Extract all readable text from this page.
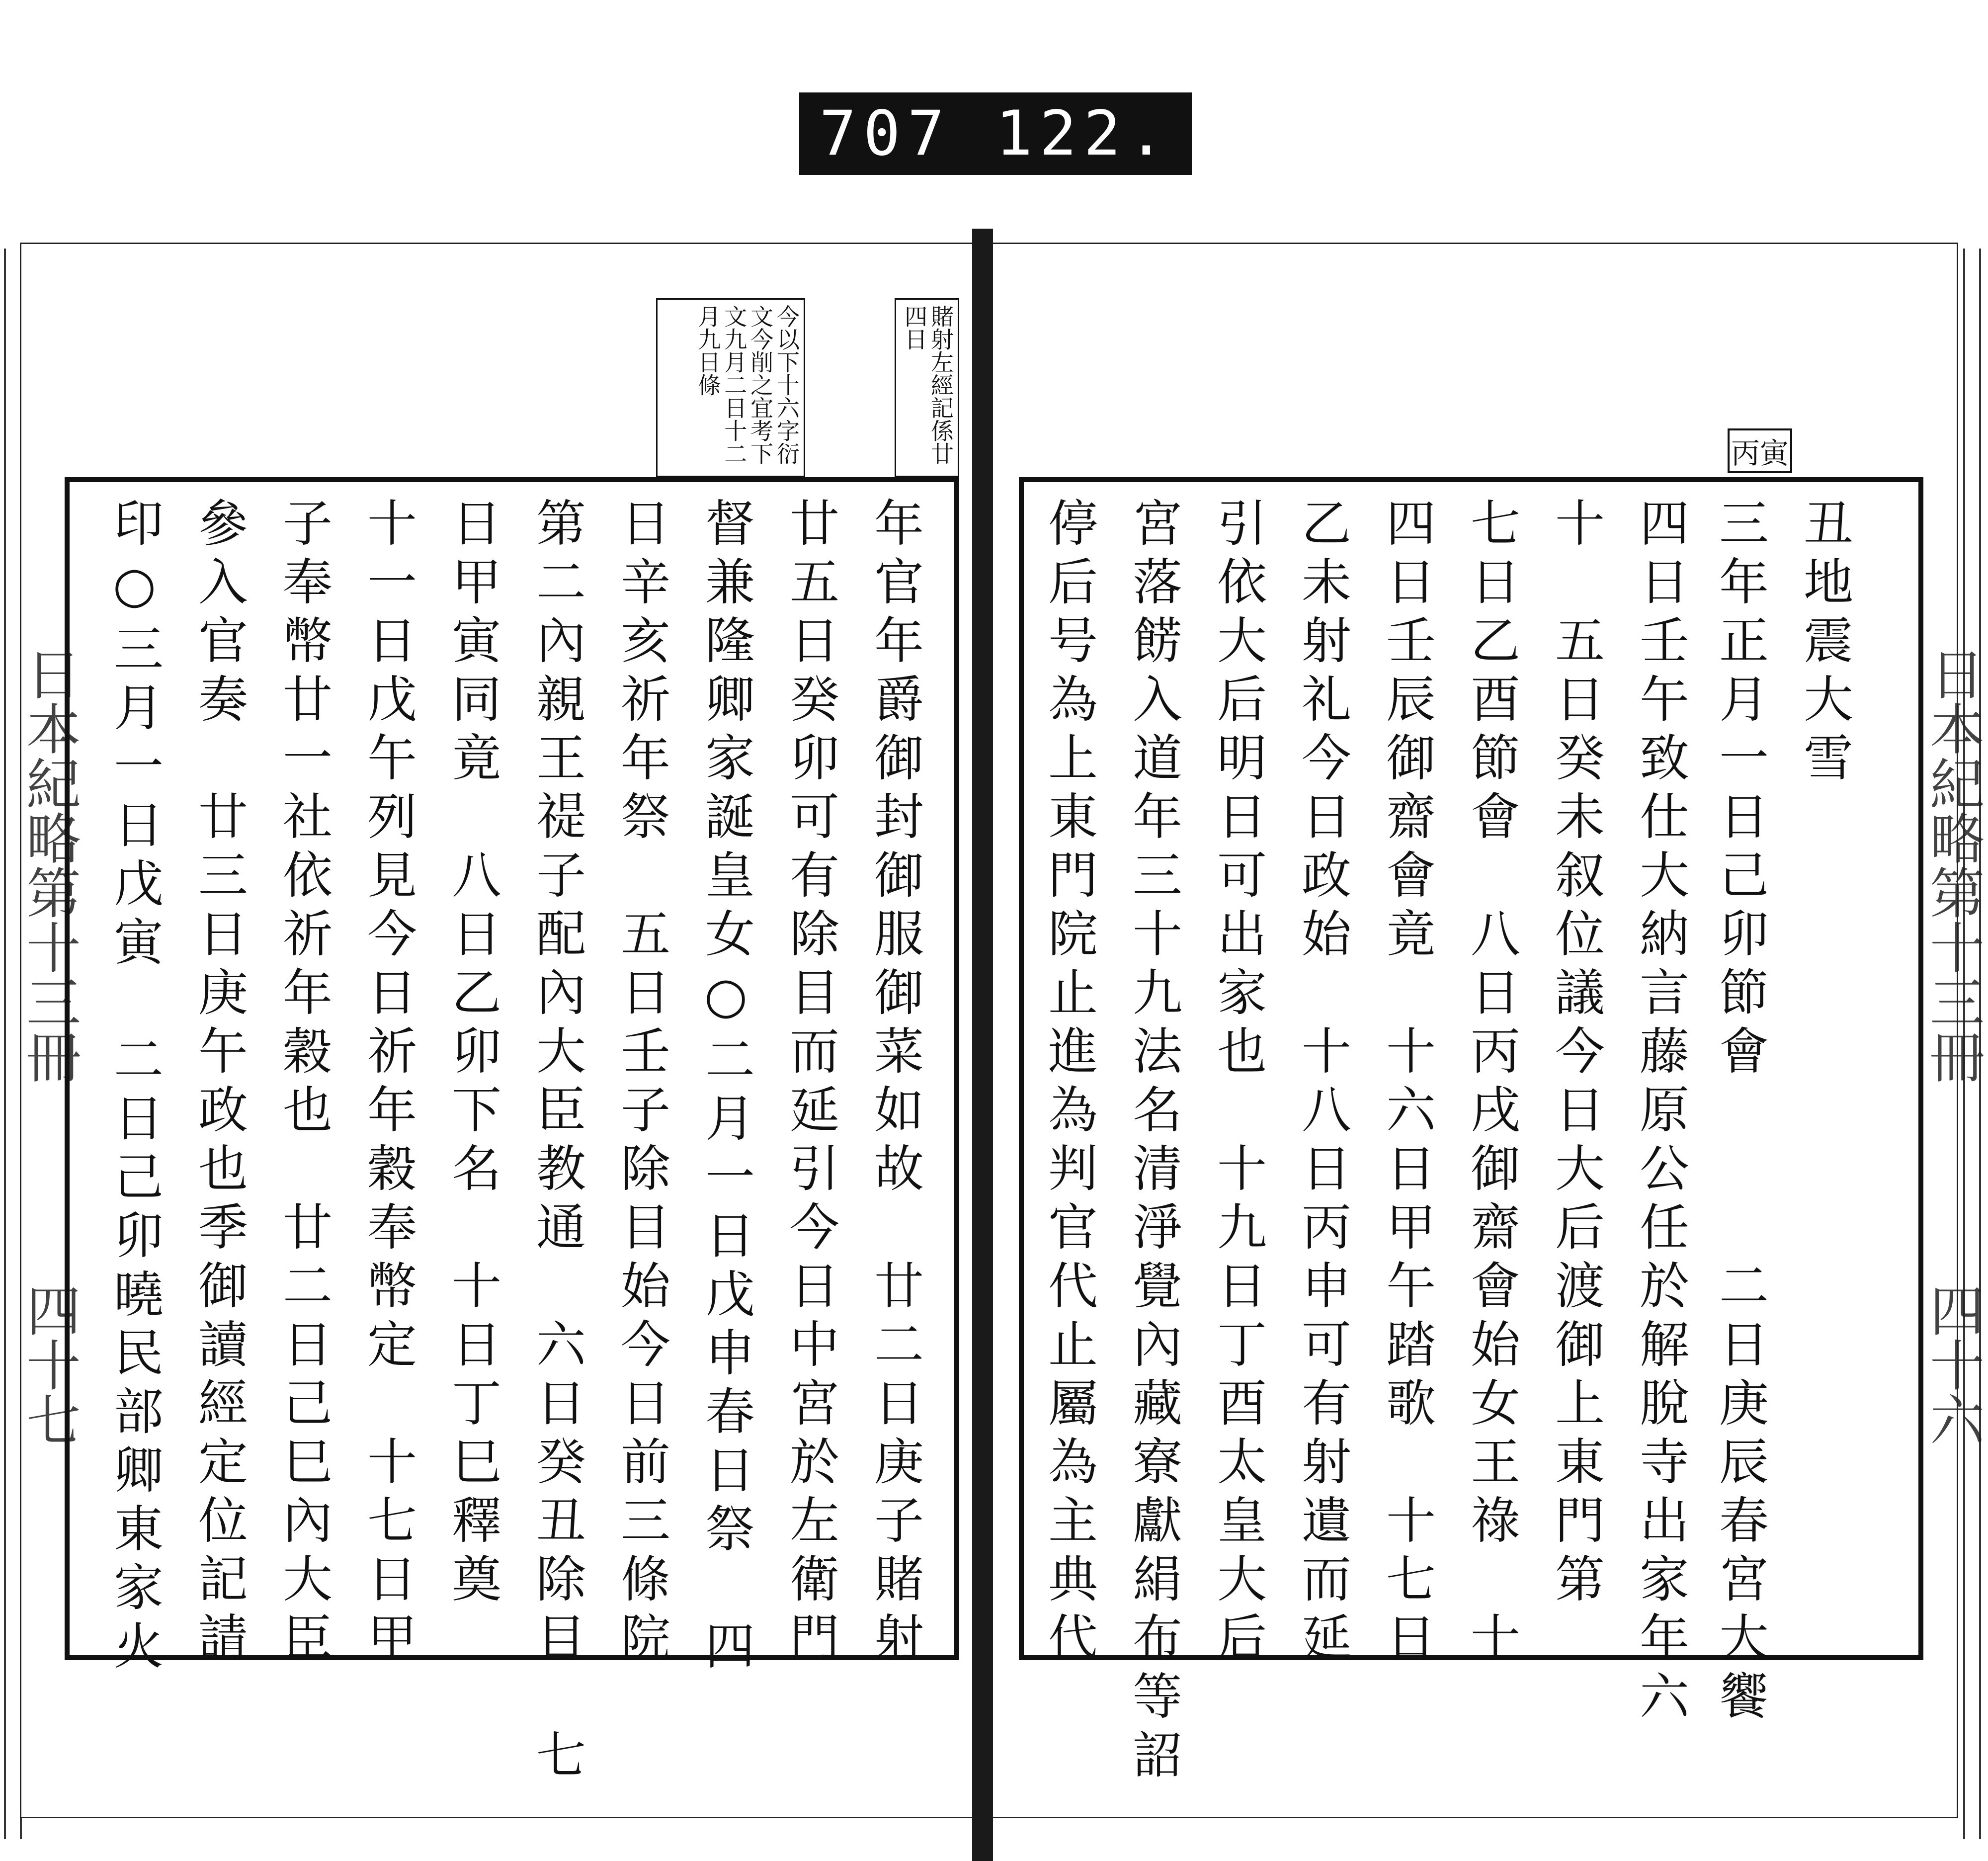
707 122.
賭射左經記係廿四日
今以下十六字衍文今削之宜考下文九月二日十二月九日條
丙寅
日本紀略第十三冊
四十六
日本紀略第十三冊
四十七
丑地震大雪
三年正月一日己卯節會　　　二日庚辰春宮大饗
四日壬午致仕大納言藤原公任於解脫寺出家年六
十　五日癸未叙位議今日大后渡御上東門第
七日乙酉節會　八日丙戌御齋會始女王祿　十
四日壬辰御齋會竟　十六日甲午踏歌　十七日
乙未射礼今日政始　十八日丙申可有射遺而延
引依大后明日可出家也　十九日丁酉太皇大后
宮落餝入道年三十九法名清淨覺內藏寮獻絹布等詔
停后号為上東門院止進為判官代止屬為主典代
年官年爵御封御服御菜如故　廿二日庚子賭射
廿五日癸卯可有除目而延引今日中宮於左衛門
督兼隆卿家誕皇女○二月一日戊申春日祭　四
日辛亥祈年祭　五日壬子除目始今日前三條院
第二內親王禔子配內大臣教通　六日癸丑除目　七
日甲寅同竟　八日乙卯下名　十日丁巳釋奠
十一日戊午列見今日祈年穀奉幣定　十七日甲
子奉幣廿一社依祈年穀也　廿二日己巳內大臣
參入官奏　廿三日庚午政也季御讀經定位記請
印○三月一日戊寅　二日己卯曉民部卿東家火
